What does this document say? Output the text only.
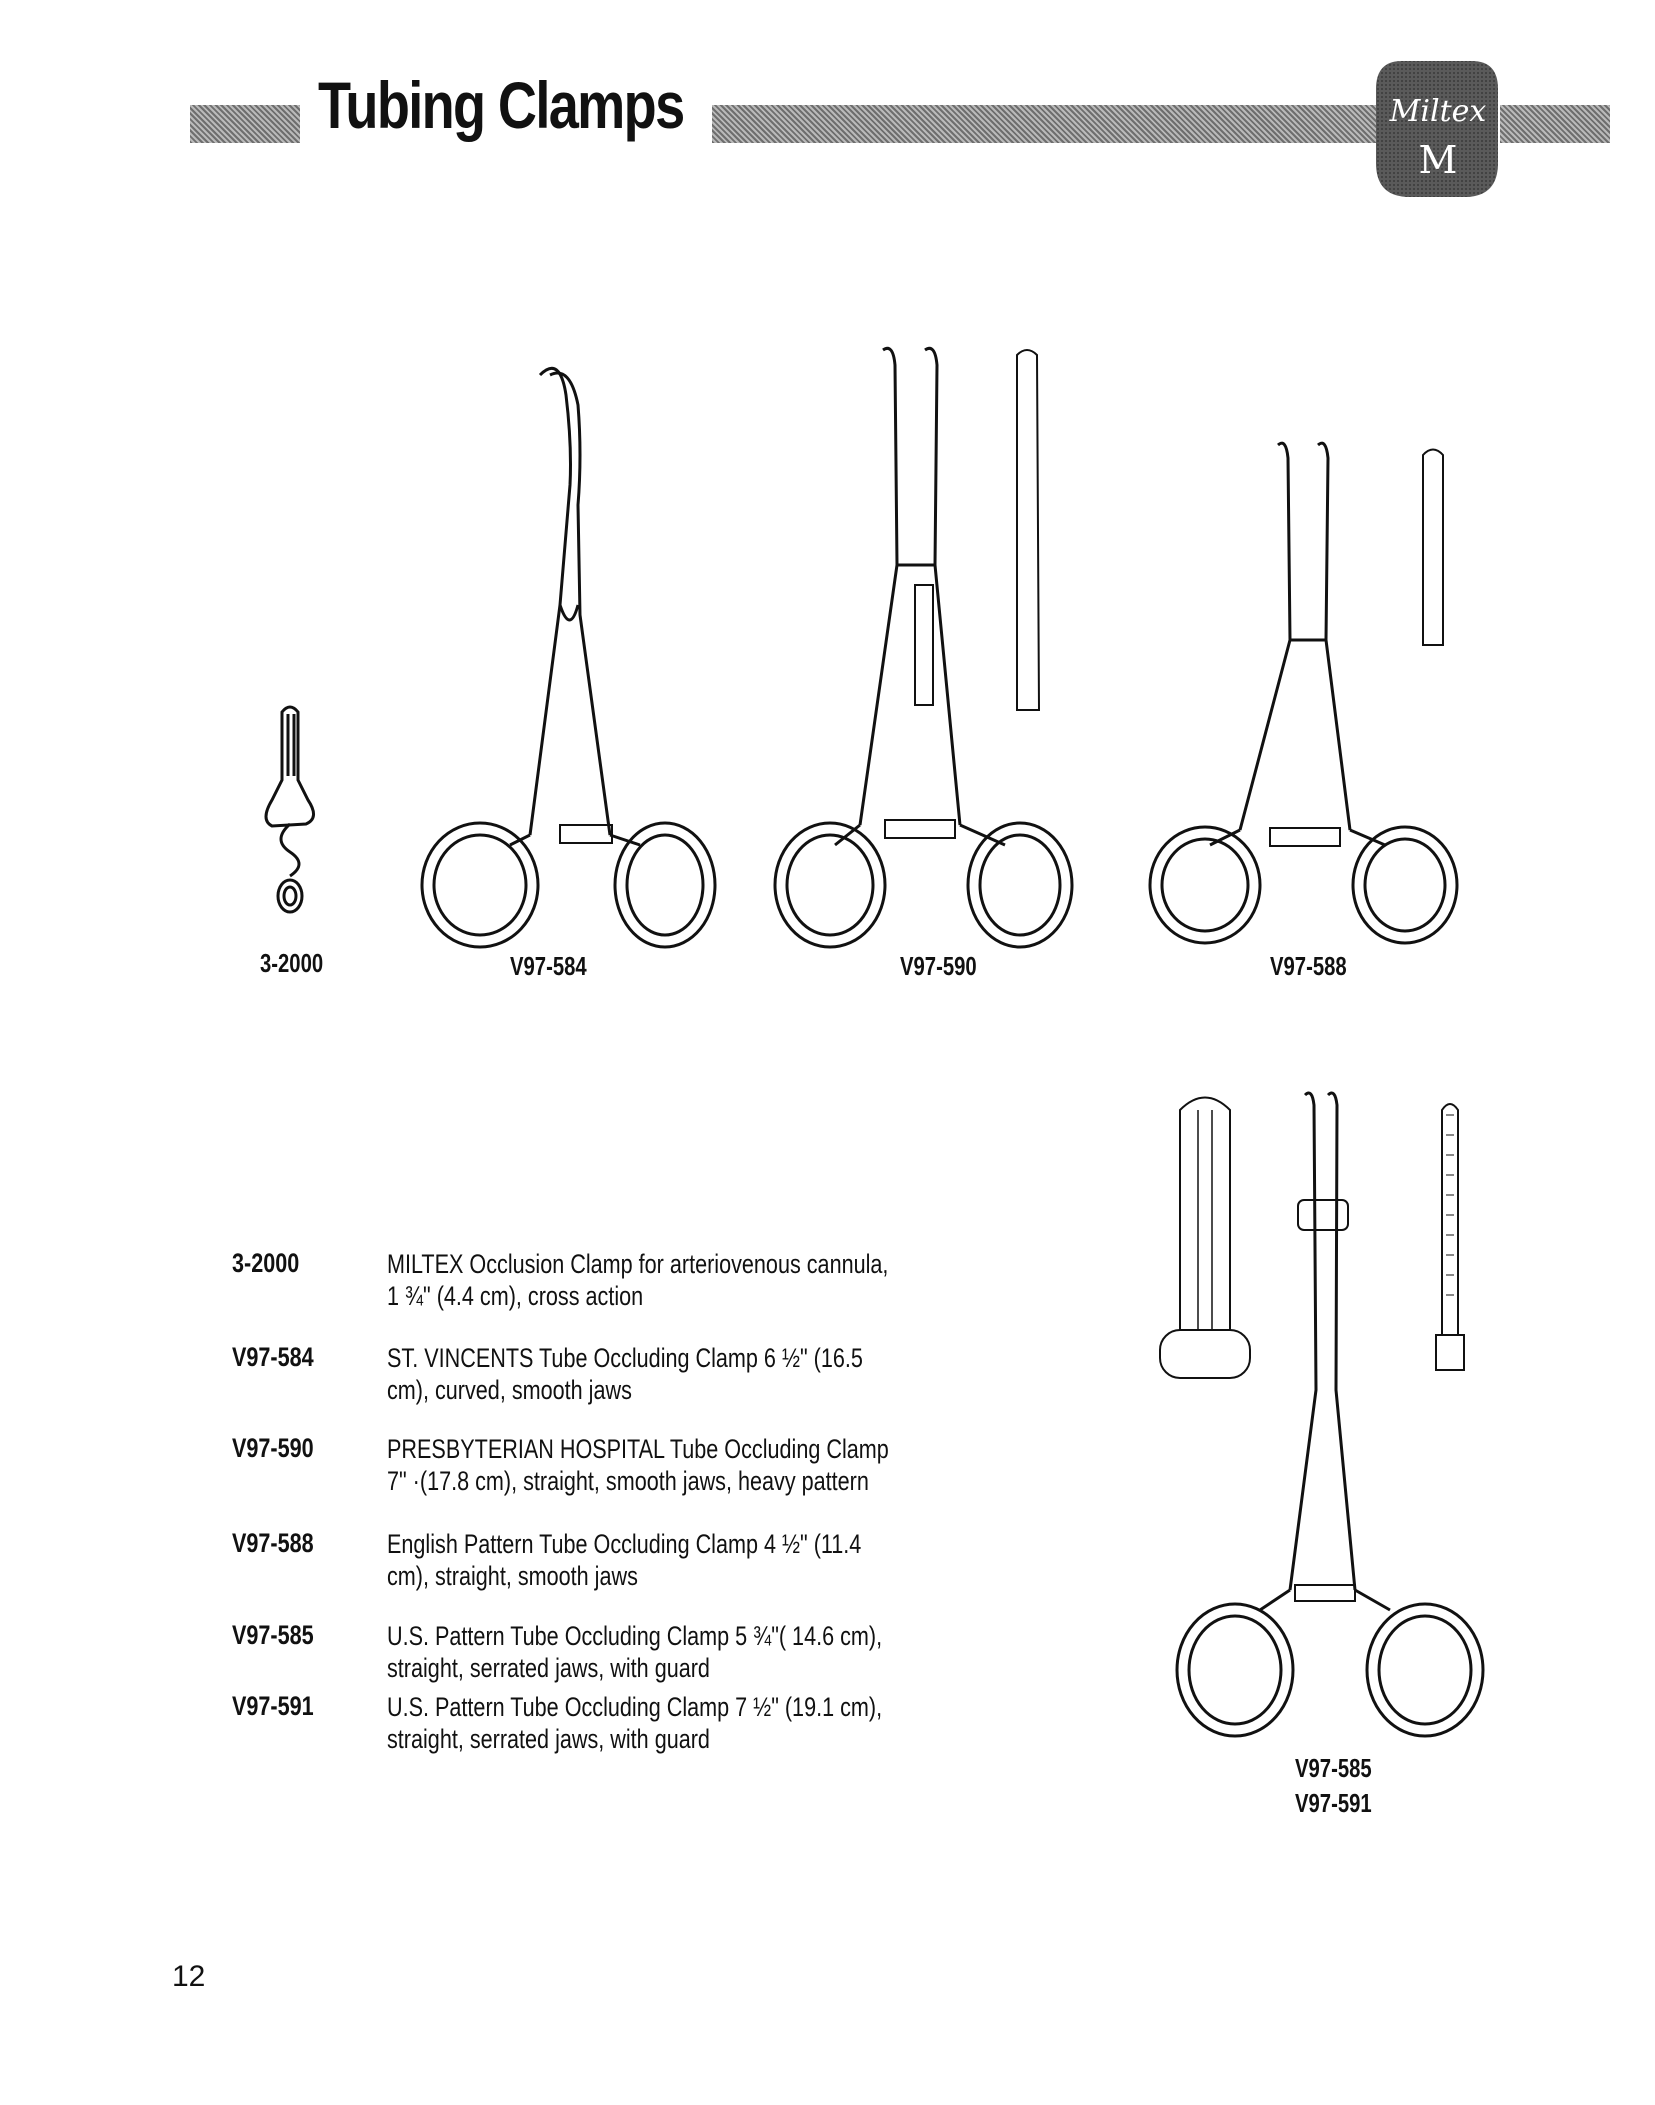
Tubing Clamps	Miltex
M
3-2000	V97-584	V97-590	V97-588
V97-585
V97-591
3-2000	MILTEX Occlusion Clamp for arteriovenous cannula, 1 ¾" (4.4 cm), cross action
V97-584	ST. VINCENTS Tube Occluding Clamp 6 ½" (16.5 cm), curved, smooth jaws
V97-590	PRESBYTERIAN HOSPITAL Tube Occluding Clamp 7" ·(17.8 cm), straight, smooth jaws, heavy pattern
V97-588	English Pattern Tube Occluding Clamp 4 ½" (11.4 cm), straight, smooth jaws
V97-585	U.S. Pattern Tube Occluding Clamp 5 ¾"( 14.6 cm), straight, serrated jaws, with guard
V97-591	U.S. Pattern Tube Occluding Clamp 7 ½" (19.1 cm), straight, serrated jaws, with guard
12
